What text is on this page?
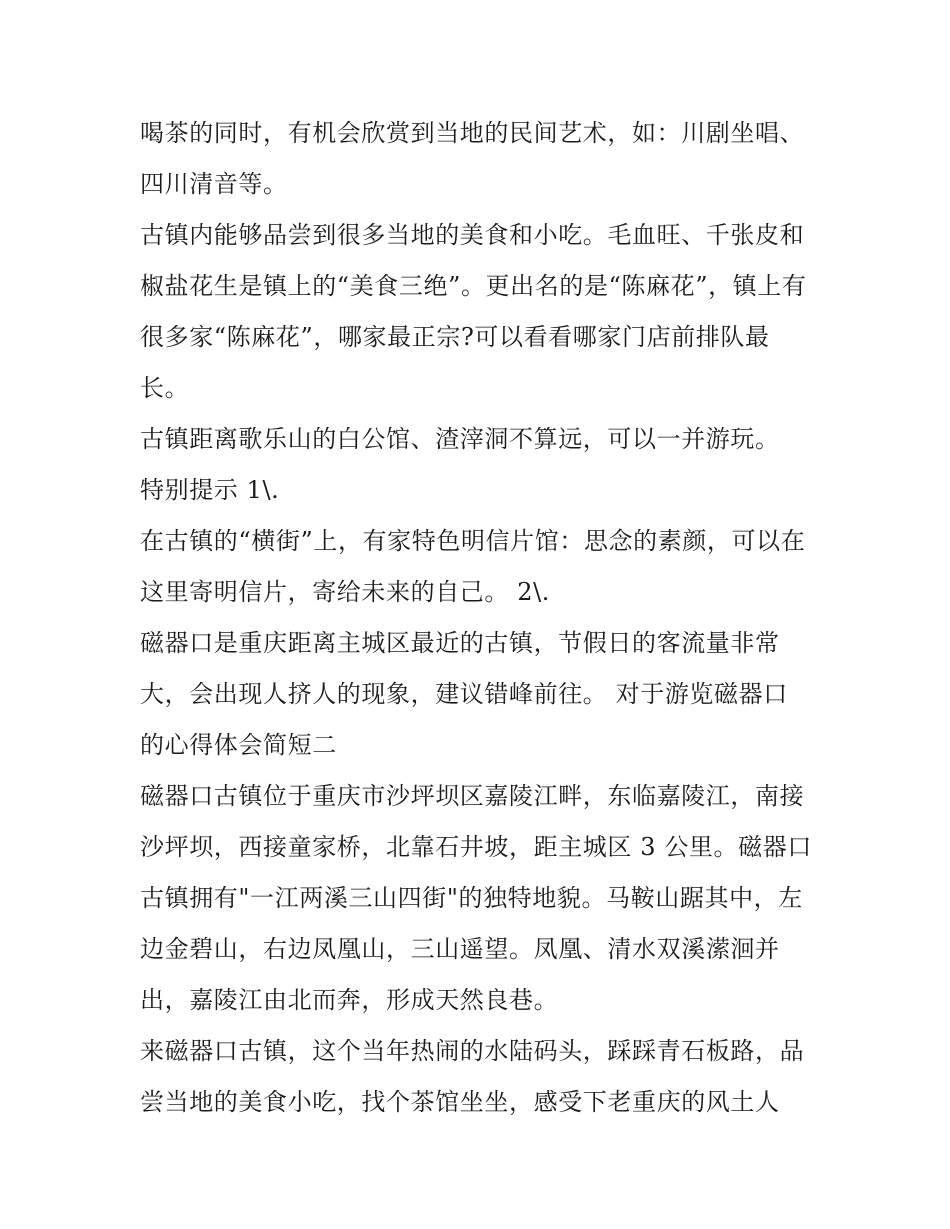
喝茶的同时，有机会欣赏到当地的民间艺术，如：川剧坐唱、
四川清音等。
古镇内能够品尝到很多当地的美食和小吃。毛血旺、千张皮和
椒盐花生是镇上的“美食三绝”。更出名的是“陈麻花”，镇上有
很多家“陈麻花”，哪家最正宗?可以看看哪家门店前排队最
长。
古镇距离歌乐山的白公馆、渣滓洞不算远，可以一并游玩。
特别提示 1\.
在古镇的“横街”上，有家特色明信片馆：思念的素颜，可以在
这里寄明信片，寄给未来的自己。 2\.
磁器口是重庆距离主城区最近的古镇，节假日的客流量非常
大，会出现人挤人的现象，建议错峰前往。 对于游览磁器口
的心得体会简短二
磁器口古镇位于重庆市沙坪坝区嘉陵江畔，东临嘉陵江，南接
沙坪坝，西接童家桥，北靠石井坡，距主城区 3 公里。磁器口
古镇拥有"一江两溪三山四街"的独特地貌。马鞍山踞其中，左
边金碧山，右边凤凰山，三山遥望。凤凰、清水双溪潆洄并
出，嘉陵江由北而奔，形成天然良巷。
来磁器口古镇，这个当年热闹的水陆码头，踩踩青石板路，品
尝当地的美食小吃，找个茶馆坐坐，感受下老重庆的风土人
